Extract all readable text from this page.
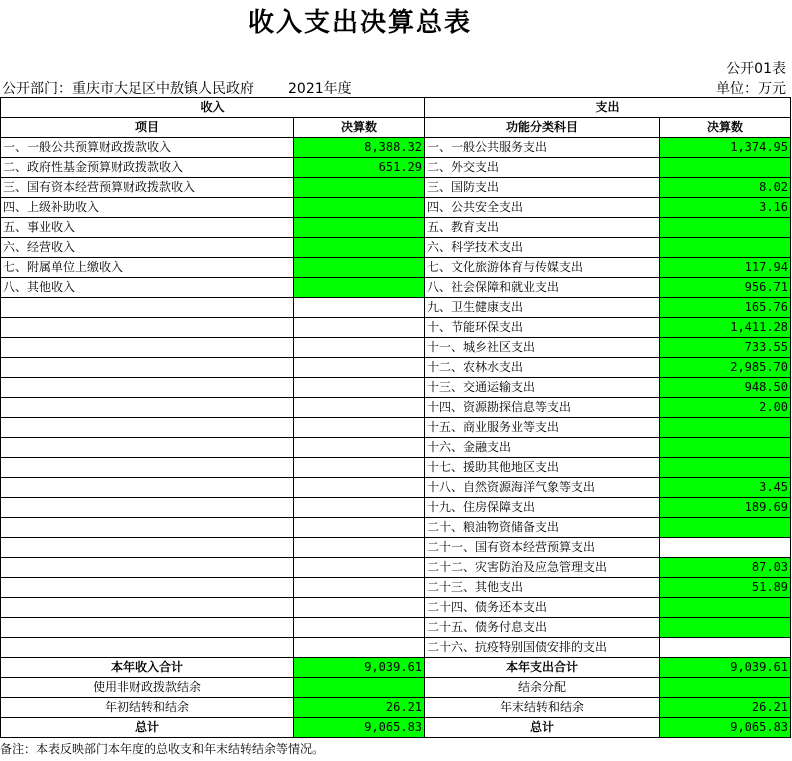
收入支出决算总表
公开01表
公开部门：重庆市大足区中敖镇人民政府 2021年度	单位：万元
收入		支出	
项目	决算数	功能分类科目	决算数
一、一般公共预算财政拨款收入	8,388.32	一、一般公共服务支出	1,374.95
二、政府性基金预算财政拨款收入	651.29	二、外交支出	
三、国有资本经营预算财政拨款收入		三、国防支出	8.02
四、上级补助收入		四、公共安全支出	3.16
五、事业收入		五、教育支出	
六、经营收入		六、科学技术支出	
七、附属单位上缴收入		七、文化旅游体育与传媒支出	117.94
八、其他收入		八、社会保障和就业支出	956.71
		九、卫生健康支出	165.76
		十、节能环保支出	1,411.28
		十一、城乡社区支出	733.55
		十二、农林水支出	2,985.70
		十三、交通运输支出	948.50
		十四、资源勘探信息等支出	2.00
		十五、商业服务业等支出	
		十六、金融支出	
		十七、援助其他地区支出	
		十八、自然资源海洋气象等支出	3.45
		十九、住房保障支出	189.69
		二十、粮油物资储备支出	
		二十一、国有资本经营预算支出	
		二十二、灾害防治及应急管理支出	87.03
		二十三、其他支出	51.89
		二十四、债务还本支出	
		二十五、债务付息支出	
		二十六、抗疫特别国债安排的支出	
本年收入合计	9,039.61	本年支出合计	9,039.61
使用非财政拨款结余		结余分配	
年初结转和结余	26.21	年末结转和结余	26.21
总计	9,065.83	总计	9,065.83
备注：本表反映部门本年度的总收支和年末结转结余等情况。
